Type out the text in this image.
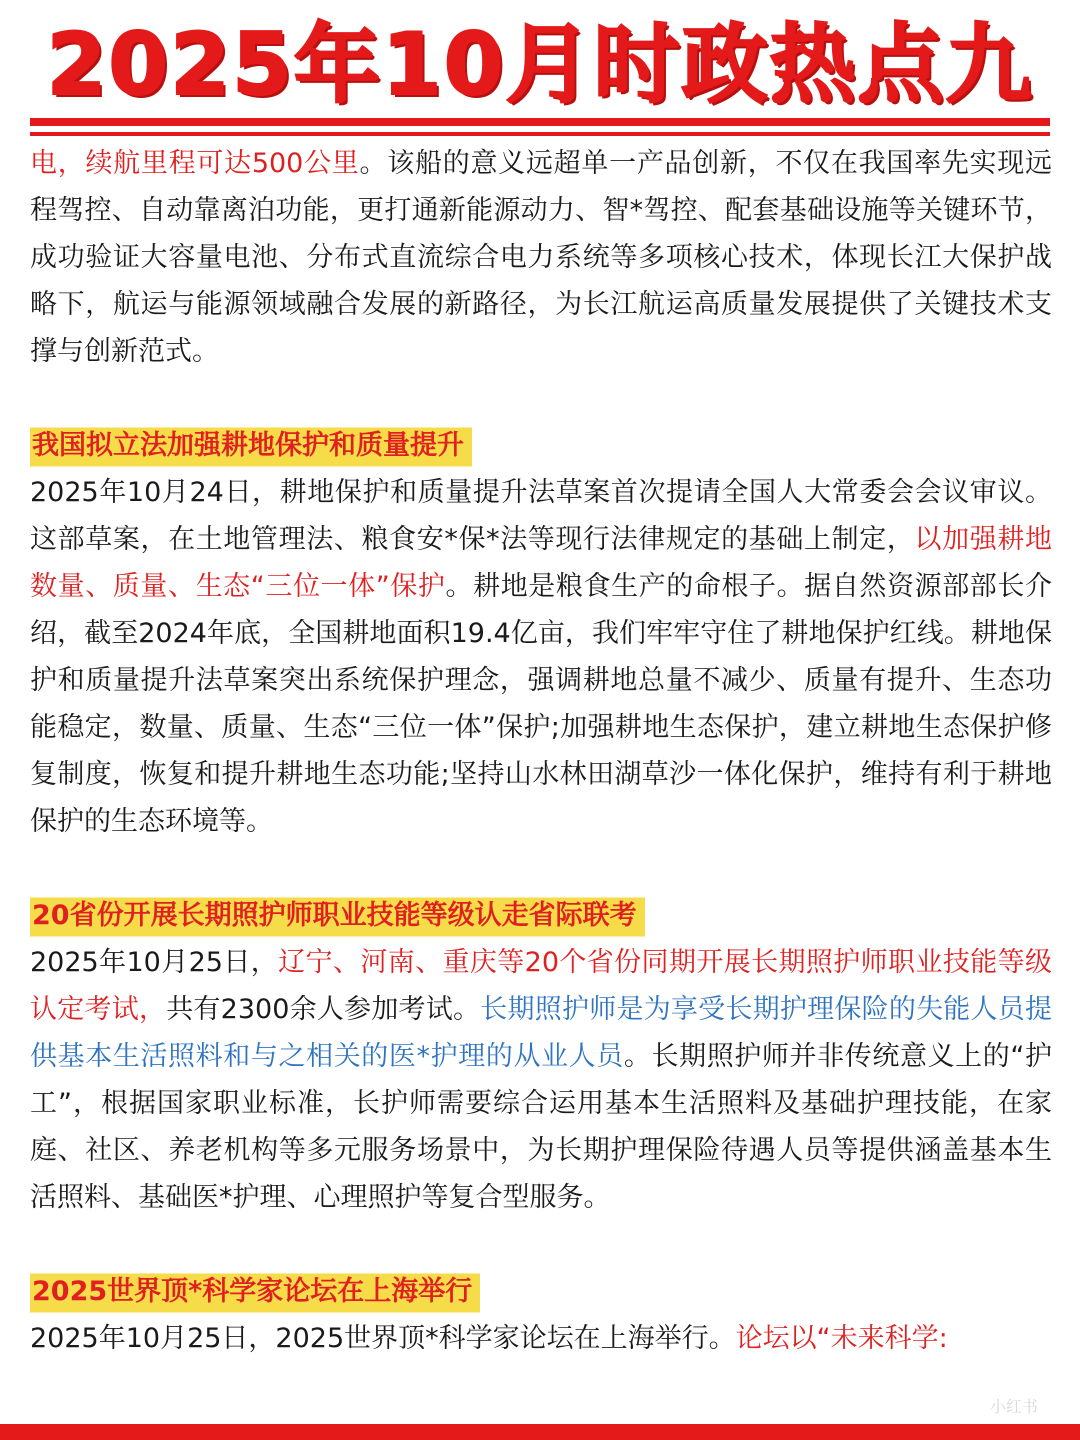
2025年10月时政热点九

电，续航里程可达500公里。该船的意义远超单一产品创新，不仅在我国率先实现远程驾控、自动靠离泊功能，更打通新能源动力、智*驾控、配套基础设施等关键环节，成功验证大容量电池、分布式直流综合电力系统等多项核心技术，体现长江大保护战略下，航运与能源领域融合发展的新路径，为长江航运高质量发展提供了关键技术支撑与创新范式。

我国拟立法加强耕地保护和质量提升

2025年10月24日，耕地保护和质量提升法草案首次提请全国人大常委会会议审议。这部草案，在土地管理法、粮食安*保*法等现行法律规定的基础上制定，以加强耕地数量、质量、生态“三位一体”保护。耕地是粮食生产的命根子。据自然资源部部长介绍，截至2024年底，全国耕地面积19.4亿亩，我们牢牢守住了耕地保护红线。耕地保护和质量提升法草案突出系统保护理念，强调耕地总量不减少、质量有提升、生态功能稳定，数量、质量、生态“三位一体”保护;加强耕地生态保护，建立耕地生态保护修复制度，恢复和提升耕地生态功能;坚持山水林田湖草沙一体化保护，维持有利于耕地保护的生态环境等。

20省份开展长期照护师职业技能等级认走省际联考

2025年10月25日，辽宁、河南、重庆等20个省份同期开展长期照护师职业技能等级认定考试，共有2300余人参加考试。长期照护师是为享受长期护理保险的失能人员提供基本生活照料和与之相关的医*护理的从业人员。长期照护师并非传统意义上的“护工”，根据国家职业标准，长护师需要综合运用基本生活照料及基础护理技能，在家庭、社区、养老机构等多元服务场景中，为长期护理保险待遇人员等提供涵盖基本生活照料、基础医*护理、心理照护等复合型服务。

2025世界顶*科学家论坛在上海举行

2025年10月25日，2025世界顶*科学家论坛在上海举行。论坛以“未来科学:

小红书
